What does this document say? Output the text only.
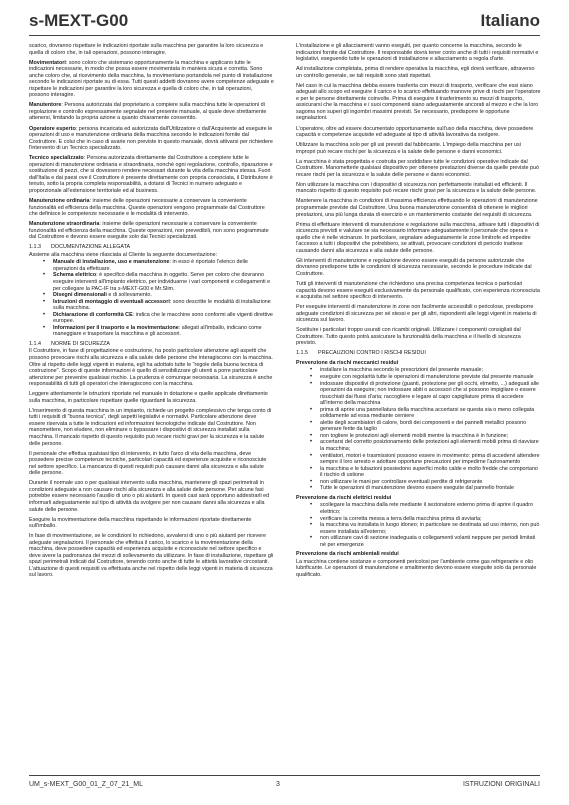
s-MEXT-G00	Italiano

scarico, dovranno rispettare le indicazioni riportate sulla macchina per garantire la loro sicurezza e quella di coloro che, in tali operazioni, possono interagire.

Movimentatori: sono coloro che sistemano opportunamente la macchina e applicano tutte le indicazioni necessarie, in modo che possa essere movimentata in maniera sicura e corretta. Sono anche coloro che, al ricevimento della macchina, la movimentano portandola nel punto di installazione secondo le indicazioni riportate su di essa. Tutti questi addetti dovranno avere competenze adeguate e rispettare le indicazioni per garantire la loro sicurezza e quella di coloro che, in tali operazioni, possono interagire.

Manutentore: Persona autorizzata dal proprietario a compiere sulla macchina tutte le operazioni di regolazione e controllo espressamente segnalate nel presente manuale, al quale deve strettamente attenersi, limitando la propria azione a quanto chiaramente consentito.

Operatore esperto: persona incaricata ed autorizzata dall'Utilizzatore o dall'Acquirente ad eseguire le operazioni di uso e manutenzione ordinaria della macchina secondo le indicazioni fornite dal Costruttore. E colui che in caso di avarie non previste in questo manuale, dovrà attivarsi per richiedere l'intervento di un Tecnico specializzato.

Tecnico specializzato: Persona autorizzata direttamente dal Costruttore a compiere tutte le operazioni di manutenzione ordinaria e straordinaria, nonché ogni regolazione, controllo, riparazione e sostituzione di pezzi, che si dovessero rendere necessari durante la vita della macchina stessa. Fuori dall'Italia e dai paesi ove il Costruttore è presente direttamente con propria consociata, il Distributore è tenuto, sotto la propria completa responsabilità, a dotarsi di Tecnici in numero adeguato e proporzionale all'estensione territoriale ed al business.

Manutenzione ordinaria: insieme delle operazioni necessarie a conservare la conveniente funzionalità ed efficienza della macchina. Queste operazioni vengono programmate dal Costruttore che definisce le competenze necessarie e le modalità di intervento.

Manutenzione straordinaria: insieme delle operazioni necessarie a conservare la conveniente funzionalità ed efficienza della macchina. Queste operazioni, non prevedibili, non sono programmate dal Costruttore e devono essere eseguite solo dai Tecnici specializzati.

1.1.3 DOCUMENTAZIONE ALLEGATA

Assieme alla macchina viene rilasciata al Cliente la seguente documentazione:

• Manuale di installazione, uso e manutenzione: in esso è riportato l'elenco delle operazioni da effettuare.
• Schema elettrico: è specifico della macchina in oggetto. Serve per coloro che dovranno eseguire interventi all'impianto elettrico, per individuarne i vari componenti e collegamenti e per collegare la PAC-IF tra s-MEXT-G00 e Mr.Slim.
• Disegni dimensionali e di sollevamento.
• Istruzioni di montaggio di eventuali accessori: sono descritte le modalità di installazione sulla macchina.
• Dichiarazione di conformità CE: indica che le macchine sono conformi alle vigenti direttive europee.
• Informazioni per il trasporto e la movimentazione: allegati all'imballo, indicano come maneggiare e trasportare la macchina e gli accessori.
1.1.4 NORME DI SICUREZZA

Il Costruttore, in fase di progettazione e costruzione, ha posto particolare attenzione agli aspetti che possono provocare rischi alla sicurezza e alla salute delle persone che interagiscono con la macchina. Oltre al rispetto delle leggi vigenti in materia, egli ha adottato tutte le "regole della buona tecnica di costruzione". Scopo di queste informazioni è quello di sensibilizzare gli utenti a porre particolare attenzione per prevenire qualsiasi rischio. La prudenza è comunque necessaria. La sicurezza è anche responsabilità di tutti gli operatori che interagiscono con la macchina.

Leggere attentamente le istruzioni riportate nel manuale in dotazione e quelle applicate direttamente sulla macchina, in particolare rispettare quelle riguardanti la sicurezza.

L'inserimento di questa macchina in un impianto, richiede un progetto complessivo che tenga conto di tutti i requisiti di "buona tecnica", degli aspetti legislativi e normativi. Particolare attenzione deve essere riservata a tutte le indicazioni ed informazioni tecnologiche indicate dal Costruttore. Non manomettere, non eludere, non eliminare o bypassare i dispositivi di sicurezza installati sulla macchina. Il mancato rispetto di questo requisito può recare rischi gravi per la sicurezza e la salute delle persone.

Il personale che effettua qualsiasi tipo di intervento, in tutto l'arco di vita della macchina, deve possedere precise competenze tecniche, particolari capacità ed esperienze acquisite e riconosciute nel settore specifico. La mancanza di questi requisiti può causare danni alla sicurezza e alla salute delle persone.

Durante il normale uso o per qualsiasi intervento sulla macchina, mantenere gli spazi perimetrali in condizioni adeguate a non causare rischi alla sicurezza e alla salute delle persone. Per alcune fasi potrebbe essere necessario l'ausilio di uno o più aiutanti. In questi casi sarà opportuno addestrarli ed informarli adeguatamente sul tipo di attività da svolgere per non causare danni alla sicurezza e alla salute delle persone.

Eseguire la movimentazione della macchina rispettando le informazioni riportate direttamente sull'imballo.

In fase di movimentazione, se le condizioni lo richiedono, avvalersi di uno o più aiutanti per ricevere adeguate segnalazioni. Il personale che effettua il carico, lo scarico e la movimentazione della macchina, deve possedere capacità ed esperienza acquisite e riconosciute nel settore specifico e deve avere la padronanza dei mezzi di sollevamento da utilizzare. In fase di installazione, rispettare gli spazi perimetrali indicati dal Costruttore, tenendo conto anche di tutte le attività lavorative circostanti. L'attuazione di questi requisiti va effettuata anche nel rispetto delle leggi vigenti in materia di sicurezza sul lavoro.

L'installazione e gli allacciamenti vanno eseguiti, per quanto concerne la macchina, secondo le indicazioni fornite dal Costruttore. Il responsabile dovrà tener conto anche di tutti i requisiti normativi e legislativi, eseguendo tutte le operazioni di installazione e allacciamento a regola d'arte.

Ad installazione completata, prima di rendere operativa la macchina, egli dovrà verificare, attraverso un controllo generale, se tali requisiti sono stati rispettati.

Nel caso in cui la macchina debba essere trasferita con mezzi di trasporto, verificare che essi siano adeguati allo scopo ed eseguire il carico e lo scarico effettuando manovre prive di rischi per l'operatore e per le persone direttamente coinvolte. Prima di eseguire il trasferimento su mezzi di trasporto, assicurarsi che la macchina e i suoi componenti siano adeguatamente ancorati al mezzo e che la loro sagoma non superi gli ingombri massimi previsti. Se necessario, predisporre le opportune segnalazioni.

L'operatore, oltre ad essere documentato opportunamente sull'uso della macchina, deve possedere capacità e competenze acquisite ed adeguate al tipo di attività lavorativa da svolgere.

Utilizzare la macchina solo per gli usi previsti dal fabbricante. L'impiego della macchina per usi impropri può recare rischi per la sicurezza e la salute delle persone e danni economici.

La macchina è stata progettata e costruita per soddisfare tutte le condizioni operative indicate dal Costruttore. Manometterle qualsiasi dispositivo per ottenere prestazioni diverse da quelle previste può recare rischi per la sicurezza e la salute delle persone e danni economici.

Non utilizzare la macchina con i dispositivi di sicurezza non perfettamente installati ed efficienti. Il mancato rispetto di questo requisito può recare rischi gravi per la sicurezza e la salute delle persone.

Mantenere la macchina in condizioni di massima efficienza effettuando le operazioni di manutenzione programmate previste dal Costruttore. Una buona manutenzione consentirà di ottenere le migliori prestazioni, una più lunga durata di esercizio e un mantenimento costante dei requisiti di sicurezza.

Prima di effettuare interventi di manutenzione e regolazione sulla macchina, attivare tutti i dispositivi di sicurezza previsti e valutare se sia necessario informare adeguatamente il personale che opera e quello che è nelle vicinanze. In particolare, segnalare adeguatamente le zone limitrofe ed impedire l'accesso a tutti i dispositivi che potrebbero, se attivati, provocare condizioni di pericolo inattese causando danni alla sicurezza e alla salute delle persone.

Gli interventi di manutenzione e regolazione devono essere eseguiti da persone autorizzate che dovranno predisporre tutte le condizioni di sicurezza necessarie, secondo le procedure indicate dal Costruttore.

Tutti gli interventi di manutenzione che richiedono una precisa competenza tecnica o particolari capacità devono essere eseguiti esclusivamente da personale qualificato, con esperienza riconosciuta e acquisita nel settore specifico di intervento.

Per eseguire interventi di manutenzione in zone non facilmente accessibili o pericolose, predisporre adeguate condizioni di sicurezza per sé stessi e per gli altri, rispondenti alle leggi vigenti in materia di sicurezza sul lavoro.

Sostituire i particolari troppo usurati con ricambi originali. Utilizzare i componenti consigliati dal Costruttore. Tutto questo potrà assicurare la funzionalità della macchina e il livello di sicurezza previsto.

1.1.5 PRECAUZIONI CONTRO I RISCHI RESIDUI
Prevenzione da rischi meccanici residui
• installare la macchina secondo le prescrizioni del presente manuale;
• eseguire con regolarità tutte le operazioni di manutenzione previste dal presente manuale
• indossare dispositivi di protezione (guanti, protezione per gli occhi, elmetto, ...) adeguati alle operazioni da eseguire; non indossare abiti o accessori che si possono impigliare o essere risucchiati dai flussi d'aria; raccogliere e legare al capo capigliature prima di accedere all'interno della macchina
• prima di aprire una pannellatura della macchina accertarsi se questa sia o meno collegata solidamente ad essa mediante cerniere
• alette degli scambiatori di calore, bordi dei componenti e dei pannelli metallici possono generare ferite da taglio
• non togliere le protezioni agli elementi mobili mentre la macchina è in funzione;
• accertarsi del corretto posizionamento delle protezioni agli elementi mobili prima di riavviare la macchina;
• ventilatori, motori e trasmissioni possono essere in movimento: prima di accedervi attendere sempre il loro arresto e adottare opportune precauzioni per impedirne l'azionamento
• la macchina e le tubazioni possiedono superfici molto calde e molto fredde che comportano il rischio di ustione
• non utilizzare le mani per controllare eventuali perdite di refrigerante
• Tutte le operazioni di manutenzione devono essere eseguite dal pannello frontale
Prevenzione da rischi elettrici residui
• scollegare la macchina dalla rete mediante il sezionatore esterno prima di aprire il quadro elettrico;
• verificare la corretta messa a terra della macchina prima di avviarla;
• la macchina va installata in luogo idoneo; in particolare se destinata ad uso interno, non può essere installata all'esterno;
• non utilizzare cavi di sezione inadeguata o collegamenti volanti neppure per periodi limitati né per emergenze
Prevenzione da rischi ambientali residui

La macchina contiene sostanze e componenti pericolosi per l'ambiente come gas refrigerante e olio lubrificante. Le operazioni di manutenzione e smaltimento devono essere eseguite solo da personale qualificato.

UM_s-MEXT_G00_01_Z_07_21_ML	3	ISTRUZIONI ORIGINALI
